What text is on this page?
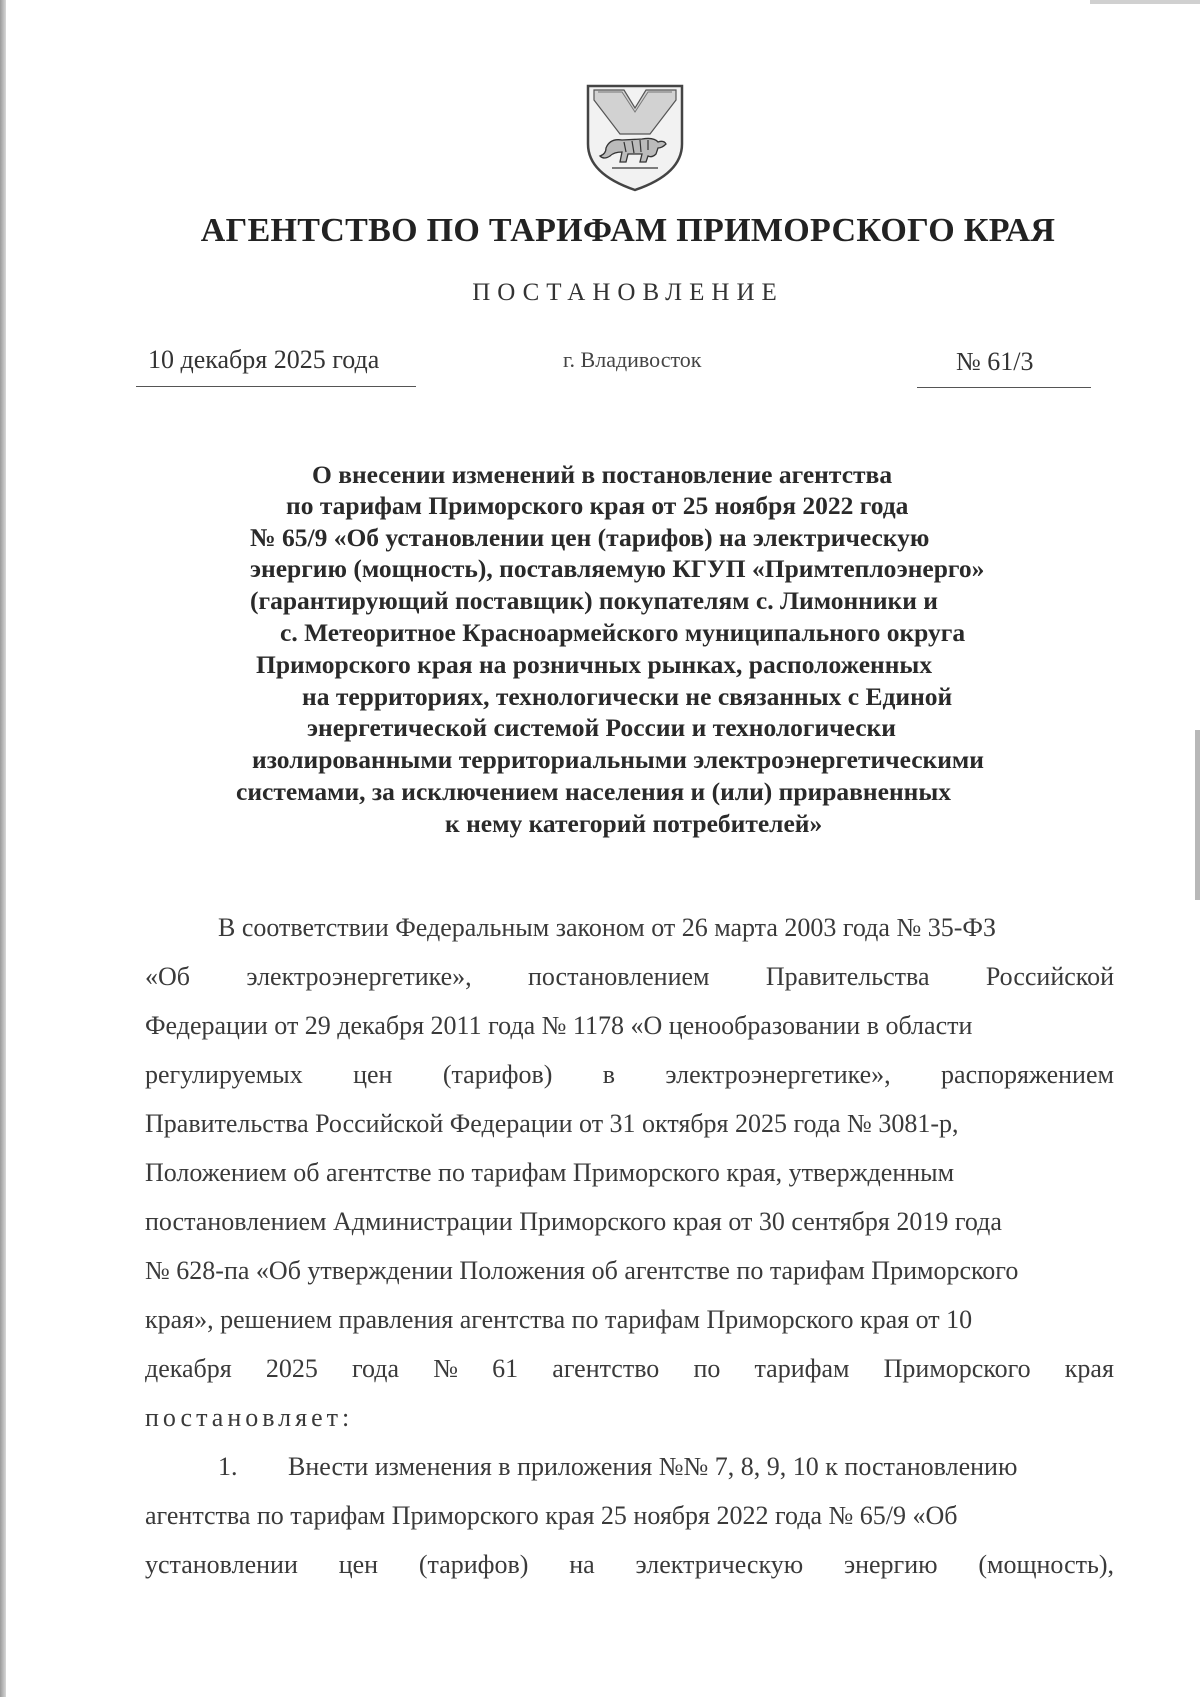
АГЕНТСТВО ПО ТАРИФАМ ПРИМОРСКОГО КРАЯ
ПОСТАНОВЛЕНИЕ
10 декабря 2025 года	г. Владивосток	№ 61/3
О внесении изменений в постановление агентства
по тарифам Приморского края от 25 ноября 2022 года
№ 65/9 «Об установлении цен (тарифов) на электрическую
энергию (мощность), поставляемую КГУП «Примтеплоэнерго»
(гарантирующий поставщик) покупателям с. Лимонники и
с. Метеоритное Красноармейского муниципального округа
Приморского края на розничных рынках, расположенных
на территориях, технологически не связанных с Единой
энергетической системой России и технологически
изолированными территориальными электроэнергетическими
системами, за исключением населения и (или) приравненных
к нему категорий потребителей»
В соответствии Федеральным законом от 26 марта 2003 года № 35-ФЗ
«Об электроэнергетике», постановлением Правительства Российской
Федерации от 29 декабря 2011 года № 1178 «О ценообразовании в области
регулируемых цен (тарифов) в электроэнергетике», распоряжением
Правительства Российской Федерации от 31 октября 2025 года № 3081-р,
Положением об агентстве по тарифам Приморского края, утвержденным
постановлением Администрации Приморского края от 30 сентября 2019 года
№ 628-па «Об утверждении Положения об агентстве по тарифам Приморского
края», решением правления агентства по тарифам Приморского края от 10
декабря 2025 года № 61 агентство по тарифам Приморского края
постановляет:
1. Внести изменения в приложения №№ 7, 8, 9, 10 к постановлению
агентства по тарифам Приморского края 25 ноября 2022 года № 65/9 «Об
установлении цен (тарифов) на электрическую энергию (мощность),
